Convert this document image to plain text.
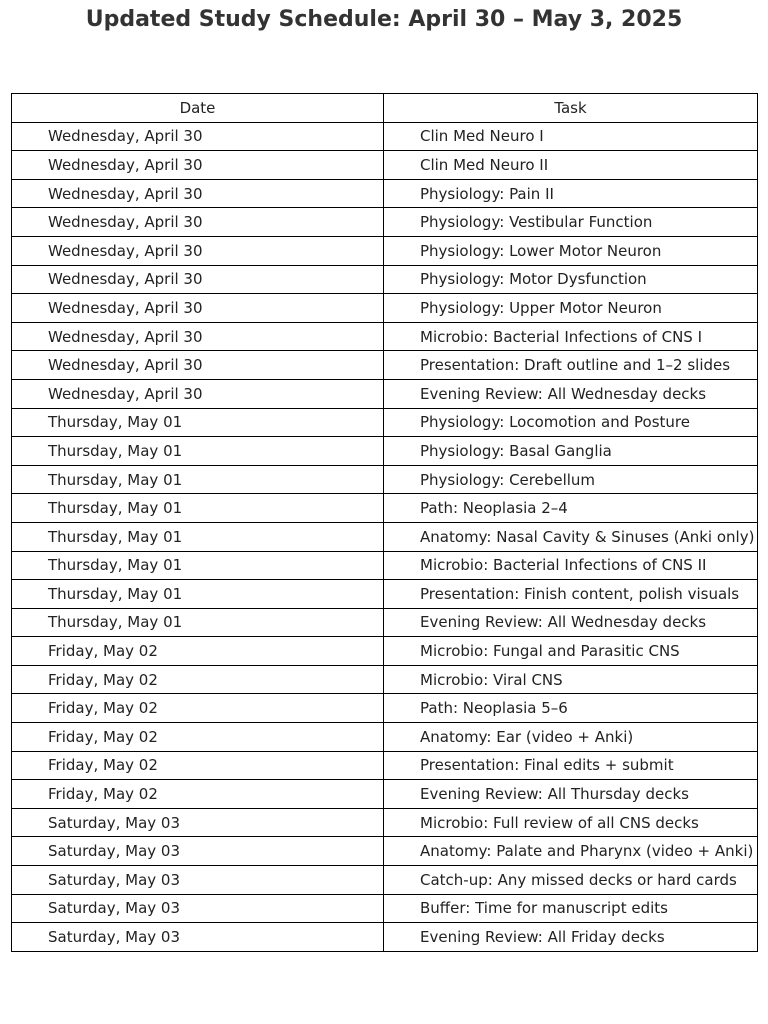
Updated Study Schedule: April 30 – May 3, 2025
Date	Task
Wednesday, April 30	Clin Med Neuro I
Wednesday, April 30	Clin Med Neuro II
Wednesday, April 30	Physiology: Pain II
Wednesday, April 30	Physiology: Vestibular Function
Wednesday, April 30	Physiology: Lower Motor Neuron
Wednesday, April 30	Physiology: Motor Dysfunction
Wednesday, April 30	Physiology: Upper Motor Neuron
Wednesday, April 30	Microbio: Bacterial Infections of CNS I
Wednesday, April 30	Presentation: Draft outline and 1–2 slides
Wednesday, April 30	Evening Review: All Wednesday decks
Thursday, May 01	Physiology: Locomotion and Posture
Thursday, May 01	Physiology: Basal Ganglia
Thursday, May 01	Physiology: Cerebellum
Thursday, May 01	Path: Neoplasia 2–4
Thursday, May 01	Anatomy: Nasal Cavity & Sinuses (Anki only)
Thursday, May 01	Microbio: Bacterial Infections of CNS II
Thursday, May 01	Presentation: Finish content, polish visuals
Thursday, May 01	Evening Review: All Wednesday decks
Friday, May 02	Microbio: Fungal and Parasitic CNS
Friday, May 02	Microbio: Viral CNS
Friday, May 02	Path: Neoplasia 5–6
Friday, May 02	Anatomy: Ear (video + Anki)
Friday, May 02	Presentation: Final edits + submit
Friday, May 02	Evening Review: All Thursday decks
Saturday, May 03	Microbio: Full review of all CNS decks
Saturday, May 03	Anatomy: Palate and Pharynx (video + Anki)
Saturday, May 03	Catch-up: Any missed decks or hard cards
Saturday, May 03	Buffer: Time for manuscript edits
Saturday, May 03	Evening Review: All Friday decks
